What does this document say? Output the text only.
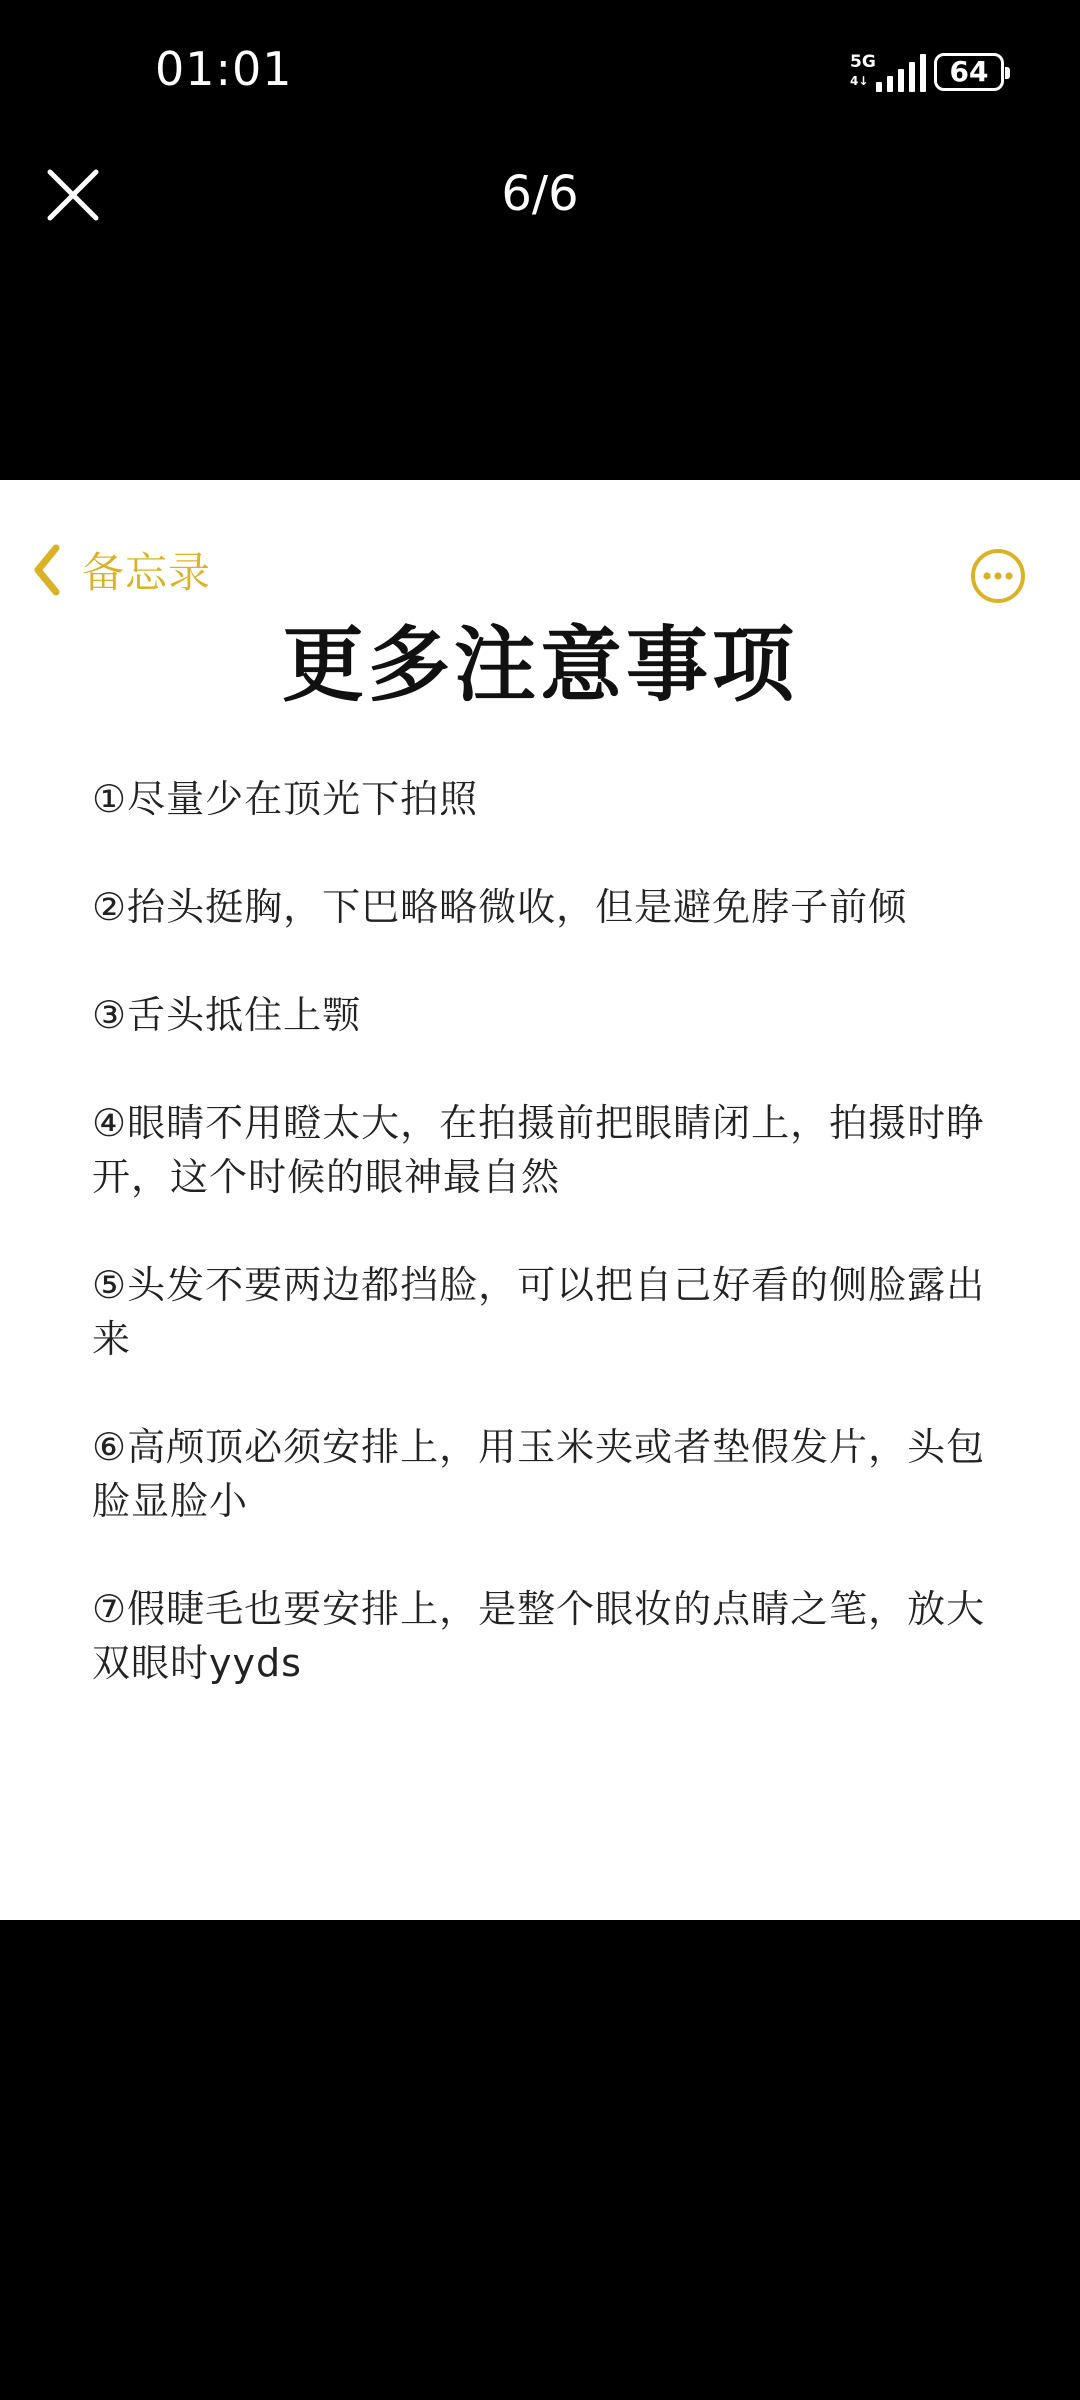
01:01	5G
4↓	64
6/6
备忘录
更多注意事项
①尽量少在顶光下拍照
②抬头挺胸，下巴略略微收，但是避免脖子前倾
③舌头抵住上颚
④眼睛不用瞪太大，在拍摄前把眼睛闭上，拍摄时睁开，这个时候的眼神最自然
⑤头发不要两边都挡脸，可以把自己好看的侧脸露出来
⑥高颅顶必须安排上，用玉米夹或者垫假发片，头包脸显脸小
⑦假睫毛也要安排上，是整个眼妆的点睛之笔，放大双眼时yyds
